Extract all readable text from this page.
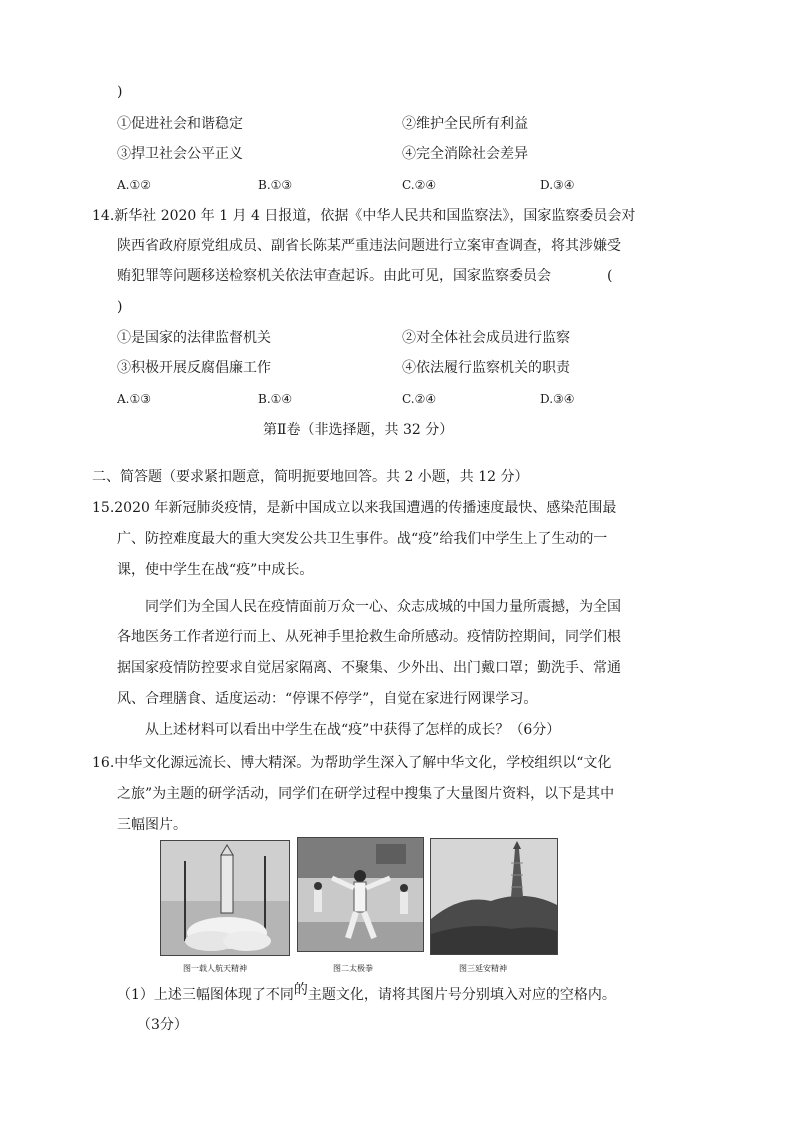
)
①促进社会和谐稳定	②维护全民所有利益
③捍卫社会公平正义	④完全消除社会差异
A.①②	B.①③	C.②④	D.③④
14.新华社 2020 年 1 月 4 日报道，依据《中华人民共和国监察法》，国家监察委员会对
陕西省政府原党组成员、副省长陈某严重违法问题进行立案审查调查，将其涉嫌受
贿犯罪等问题移送检察机关依法审查起诉。由此可见，国家监察委员会	(
)
①是国家的法律监督机关	②对全体社会成员进行监察
③积极开展反腐倡廉工作	④依法履行监察机关的职责
A.①③	B.①④	C.②④	D.③④
第Ⅱ卷（非选择题，共 32 分）
二、简答题（要求紧扣题意，简明扼要地回答。共 2 小题，共 12 分）
15.2020 年新冠肺炎疫情，是新中国成立以来我国遭遇的传播速度最快、感染范围最
广、防控难度最大的重大突发公共卫生事件。战“疫”给我们中学生上了生动的一
课，使中学生在战“疫”中成长。
同学们为全国人民在疫情面前万众一心、众志成城的中国力量所震撼，为全国
各地医务工作者逆行而上、从死神手里抢救生命所感动。疫情防控期间，同学们根
据国家疫情防控要求自觉居家隔离、不聚集、少外出、出门戴口罩；勤洗手、常通
风、合理膳食、适度运动：“停课不停学”，自觉在家进行网课学习。
从上述材料可以看出中学生在战“疫”中获得了怎样的成长？（6分）
16.中华文化源远流长、博大精深。为帮助学生深入了解中华文化，学校组织以“文化
之旅”为主题的研学活动，同学们在研学过程中搜集了大量图片资料，以下是其中
三幅图片。
图一载人航天精神	图二太极拳	图三延安精神
（1）上述三幅图体现了不同的主题文化，请将其图片号分别填入对应的空格内。
（3分）
